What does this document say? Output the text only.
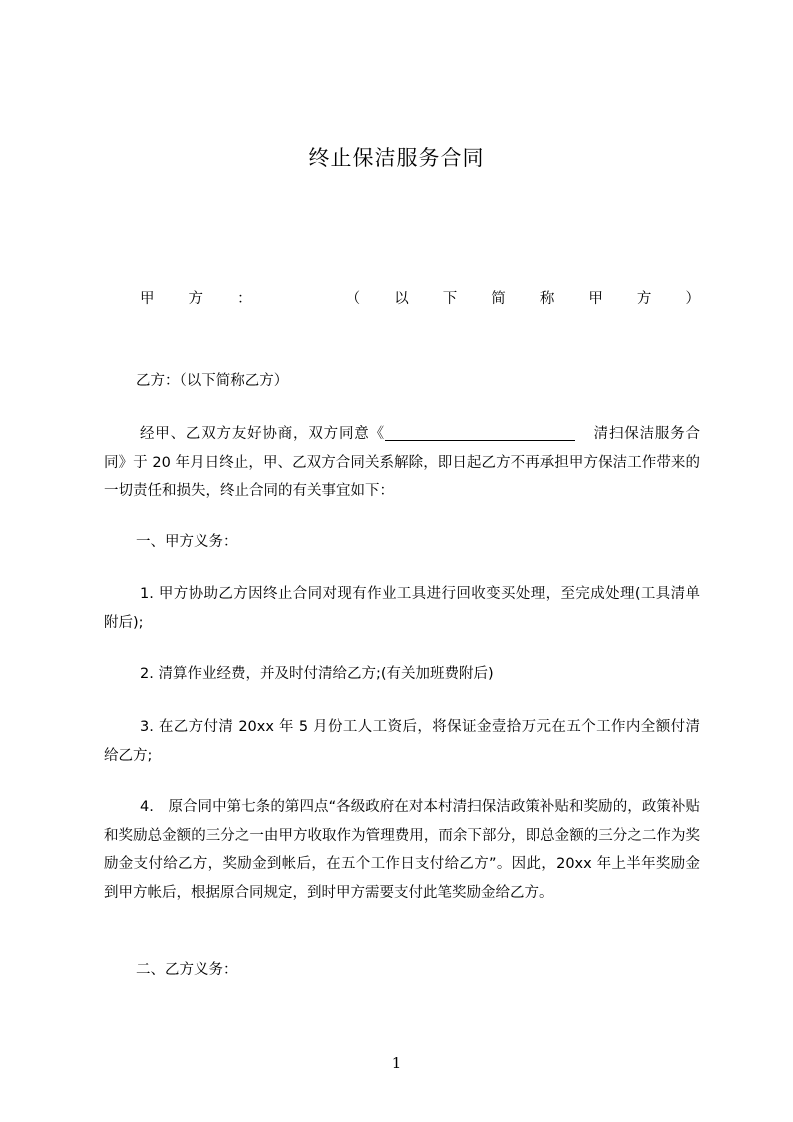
终止保洁服务合同
甲 方 ：	（ 以 下 简 称 甲 方 ）
乙方：（以下简称乙方）
经甲、乙双方友好协商，双方同意《	清扫保洁服务合同》于 20 年月日终止，甲、乙双方合同关系解除，即日起乙方不再承担甲方保洁工作带来的一切责任和损失，终止合同的有关事宜如下：
一、甲方义务：
1. 甲方协助乙方因终止合同对现有作业工具进行回收变买处理，至完成处理(工具清单附后);
2. 清算作业经费，并及时付清给乙方;(有关加班费附后)
3. 在乙方付清 20xx 年 5 月份工人工资后，将保证金壹拾万元在五个工作内全额付清给乙方;
4.　原合同中第七条的第四点“各级政府在对本村清扫保洁政策补贴和奖励的，政策补贴和奖励总金额的三分之一由甲方收取作为管理费用，而余下部分，即总金额的三分之二作为奖励金支付给乙方，奖励金到帐后，在五个工作日支付给乙方”。因此，20xx 年上半年奖励金到甲方帐后，根据原合同规定，到时甲方需要支付此笔奖励金给乙方。
二、乙方义务：
1
